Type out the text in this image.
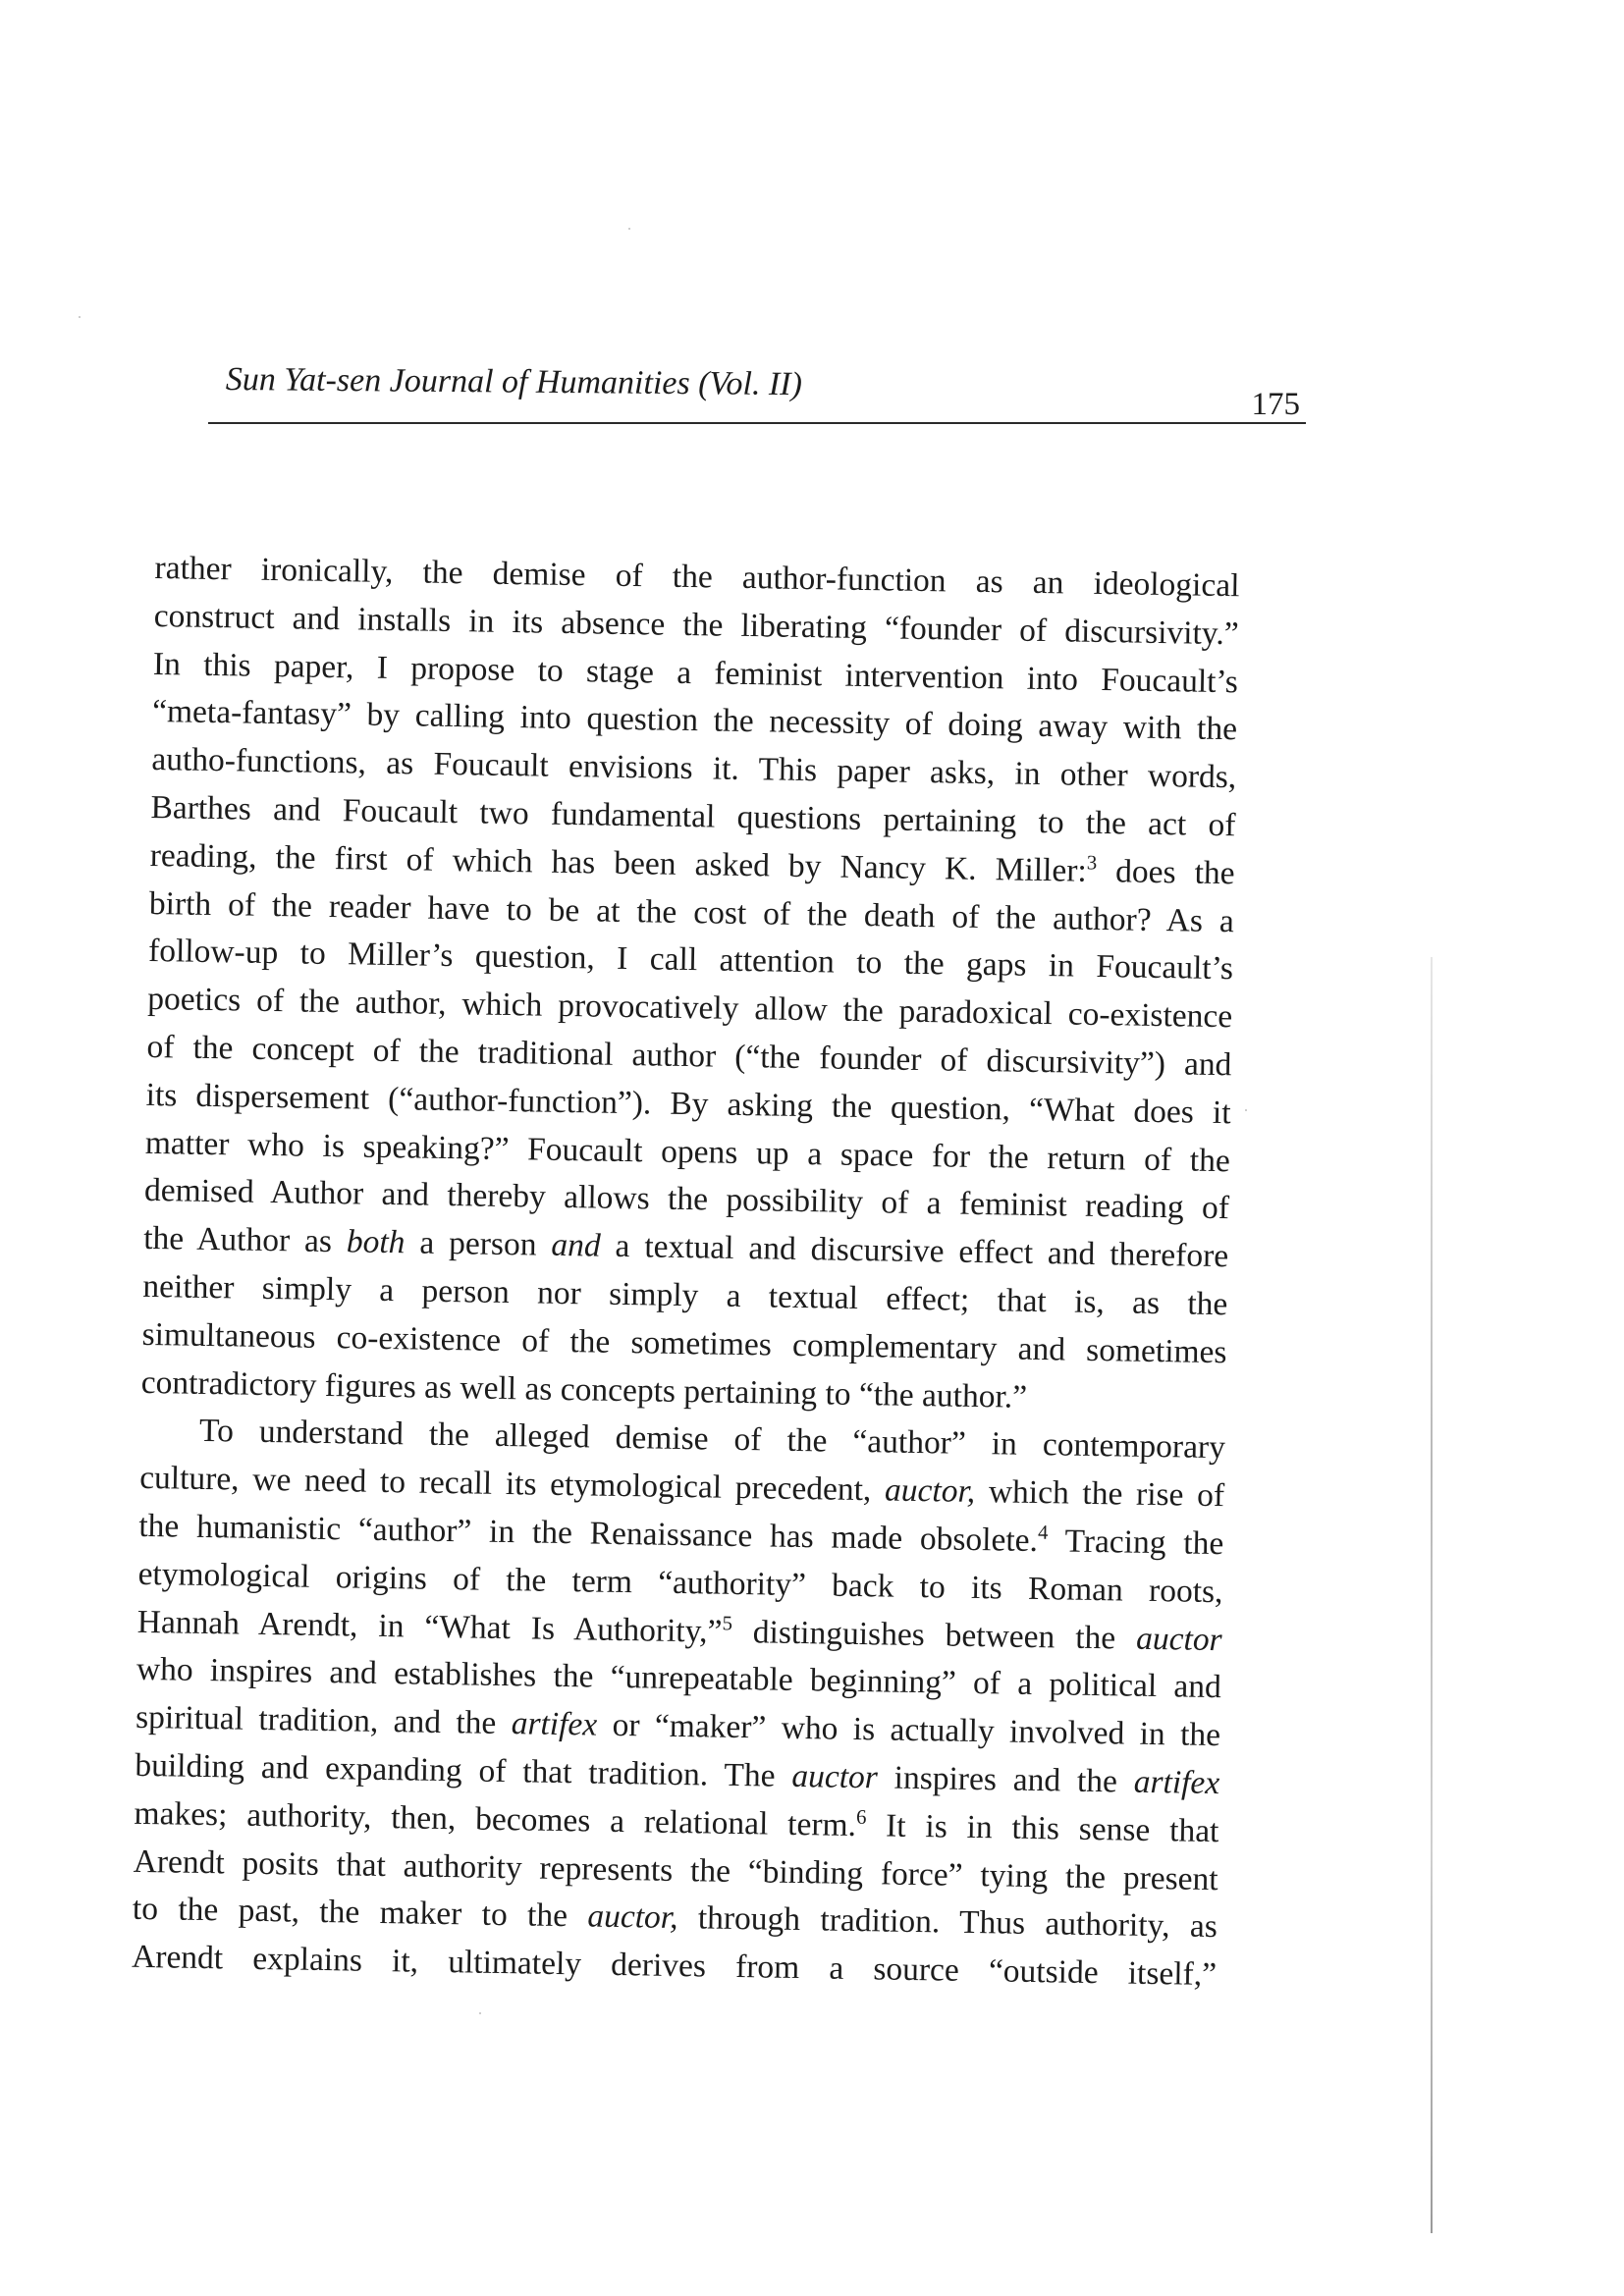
Sun Yat-sen Journal of Humanities (Vol. II)
175
rather ironically, the demise of the author-function as an ideological
construct and installs in its absence the liberating “founder of discursivity.”
In this paper, I propose to stage a feminist intervention into Foucault’s
“meta-fantasy” by calling into question the necessity of doing away with the
autho-functions, as Foucault envisions it. This paper asks, in other words,
Barthes and Foucault two fundamental questions pertaining to the act of
reading, the first of which has been asked by Nancy K. Miller:$^3$ does the
birth of the reader have to be at the cost of the death of the author? As a
follow-up to Miller’s question, I call attention to the gaps in Foucault’s
poetics of the author, which provocatively allow the paradoxical co-existence
of the concept of the traditional author (“the founder of discursivity”) and
its dispersement (“author-function”). By asking the question, “What does it
matter who is speaking?” Foucault opens up a space for the return of the
demised Author and thereby allows the possibility of a feminist reading of
the Author as both a person and a textual and discursive effect and therefore
neither simply a person nor simply a textual effect; that is, as the
simultaneous co-existence of the sometimes complementary and sometimes
contradictory figures as well as concepts pertaining to “the author.”
To understand the alleged demise of the “author” in contemporary
culture, we need to recall its etymological precedent, auctor, which the rise of
the humanistic “author” in the Renaissance has made obsolete.$^4$ Tracing the
etymological origins of the term “authority” back to its Roman roots,
Hannah Arendt, in “What Is Authority,”$^5$ distinguishes between the auctor
who inspires and establishes the “unrepeatable beginning” of a political and
spiritual tradition, and the artifex or “maker” who is actually involved in the
building and expanding of that tradition. The auctor inspires and the artifex
makes; authority, then, becomes a relational term.$^6$ It is in this sense that
Arendt posits that authority represents the “binding force” tying the present
to the past, the maker to the auctor, through tradition. Thus authority, as
Arendt explains it, ultimately derives from a source “outside itself,”
